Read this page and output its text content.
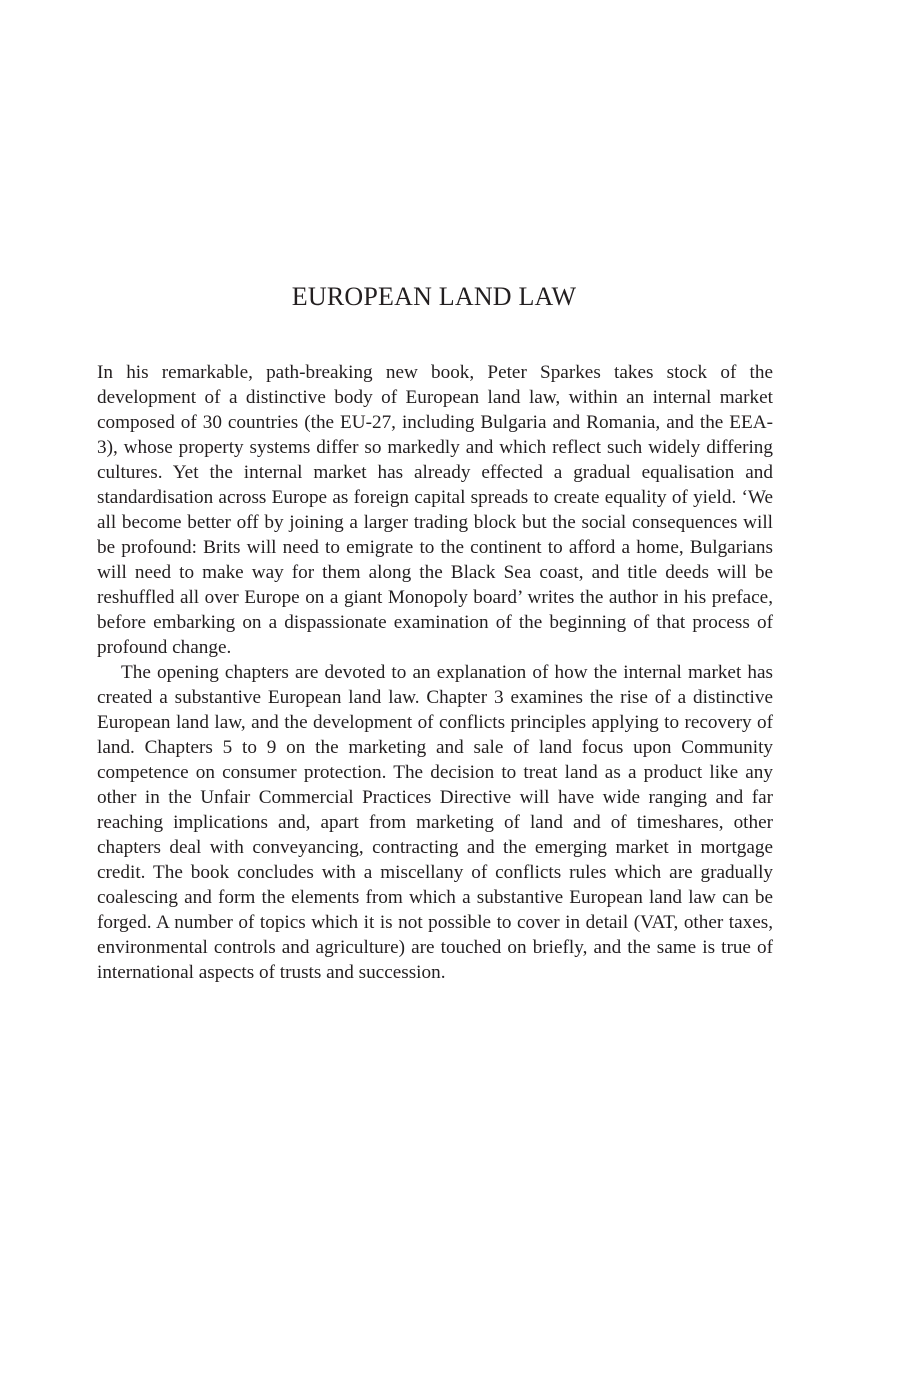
EUROPEAN LAND LAW

In his remarkable, path-breaking new book, Peter Sparkes takes stock of the development of a distinctive body of European land law, within an internal market composed of 30 countries (the EU-27, including Bulgaria and Romania, and the EEA-3), whose property systems differ so markedly and which reflect such widely differing cultures. Yet the internal market has already effected a gradual equalisation and standardisation across Europe as foreign capital spreads to create equality of yield. ‘We all become better off by joining a larger trading block but the social consequences will be profound: Brits will need to emigrate to the continent to afford a home, Bulgarians will need to make way for them along the Black Sea coast, and title deeds will be reshuffled all over Europe on a giant Monopoly board’ writes the author in his preface, before embarking on a dispassionate examination of the beginning of that process of profound change.

The opening chapters are devoted to an explanation of how the internal market has created a substantive European land law. Chapter 3 examines the rise of a distinctive European land law, and the development of conflicts principles applying to recovery of land. Chapters 5 to 9 on the marketing and sale of land focus upon Community competence on consumer protection. The decision to treat land as a product like any other in the Unfair Commercial Practices Directive will have wide ranging and far reaching implications and, apart from marketing of land and of timeshares, other chapters deal with conveyancing, contracting and the emerging market in mortgage credit. The book concludes with a miscellany of conflicts rules which are gradually coalescing and form the elements from which a substantive European land law can be forged. A number of topics which it is not possible to cover in detail (VAT, other taxes, environmental controls and agriculture) are touched on briefly, and the same is true of international aspects of trusts and succession.
